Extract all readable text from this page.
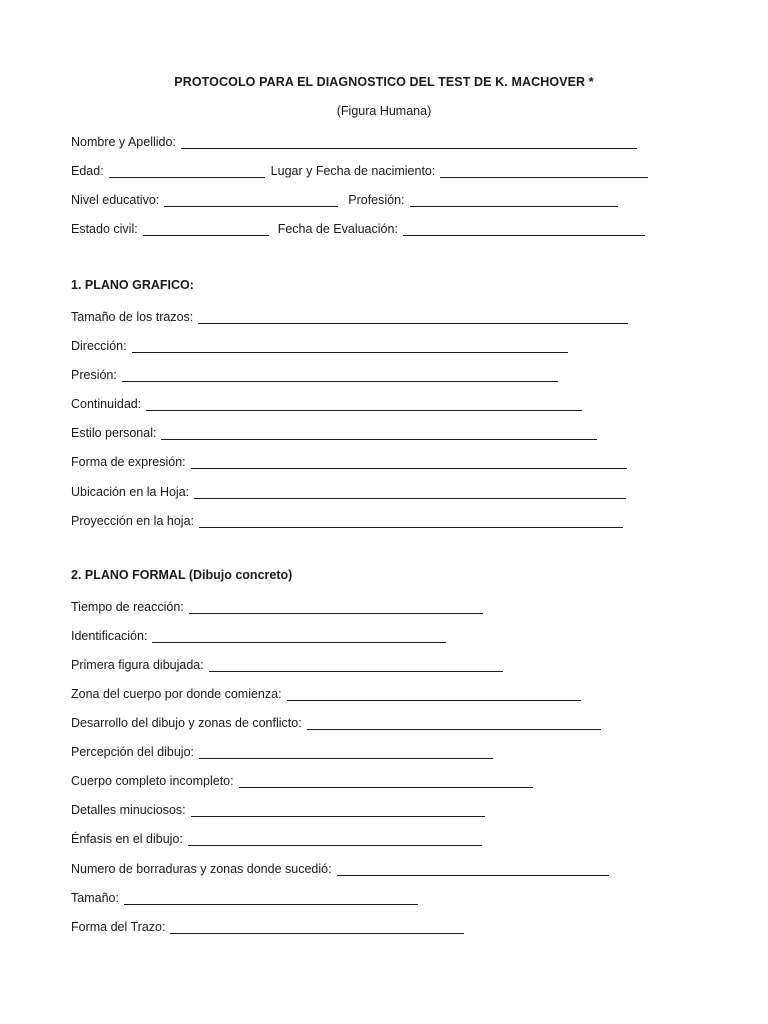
PROTOCOLO PARA EL DIAGNOSTICO DEL TEST DE K. MACHOVER *
(Figura Humana)
Nombre y Apellido:
Edad:	Lugar y Fecha de nacimiento:
Nivel educativo:	Profesión:
Estado civil:	Fecha de Evaluación:
1. PLANO GRAFICO:
Tamaño de los trazos:
Dirección:
Presión:
Continuidad:
Estilo personal:
Forma de expresión:
Ubicación en la Hoja:
Proyección en la hoja:
2. PLANO FORMAL (Dibujo concreto)
Tiempo de reacción:
Identificación:
Primera figura dibujada:
Zona del cuerpo por donde comienza:
Desarrollo del dibujo y zonas de conflicto:
Percepción del dibujo:
Cuerpo completo incompleto:
Detalles minuciosos:
Énfasis en el dibujo:
Numero de borraduras y zonas donde sucedió:
Tamaño:
Forma del Trazo:
